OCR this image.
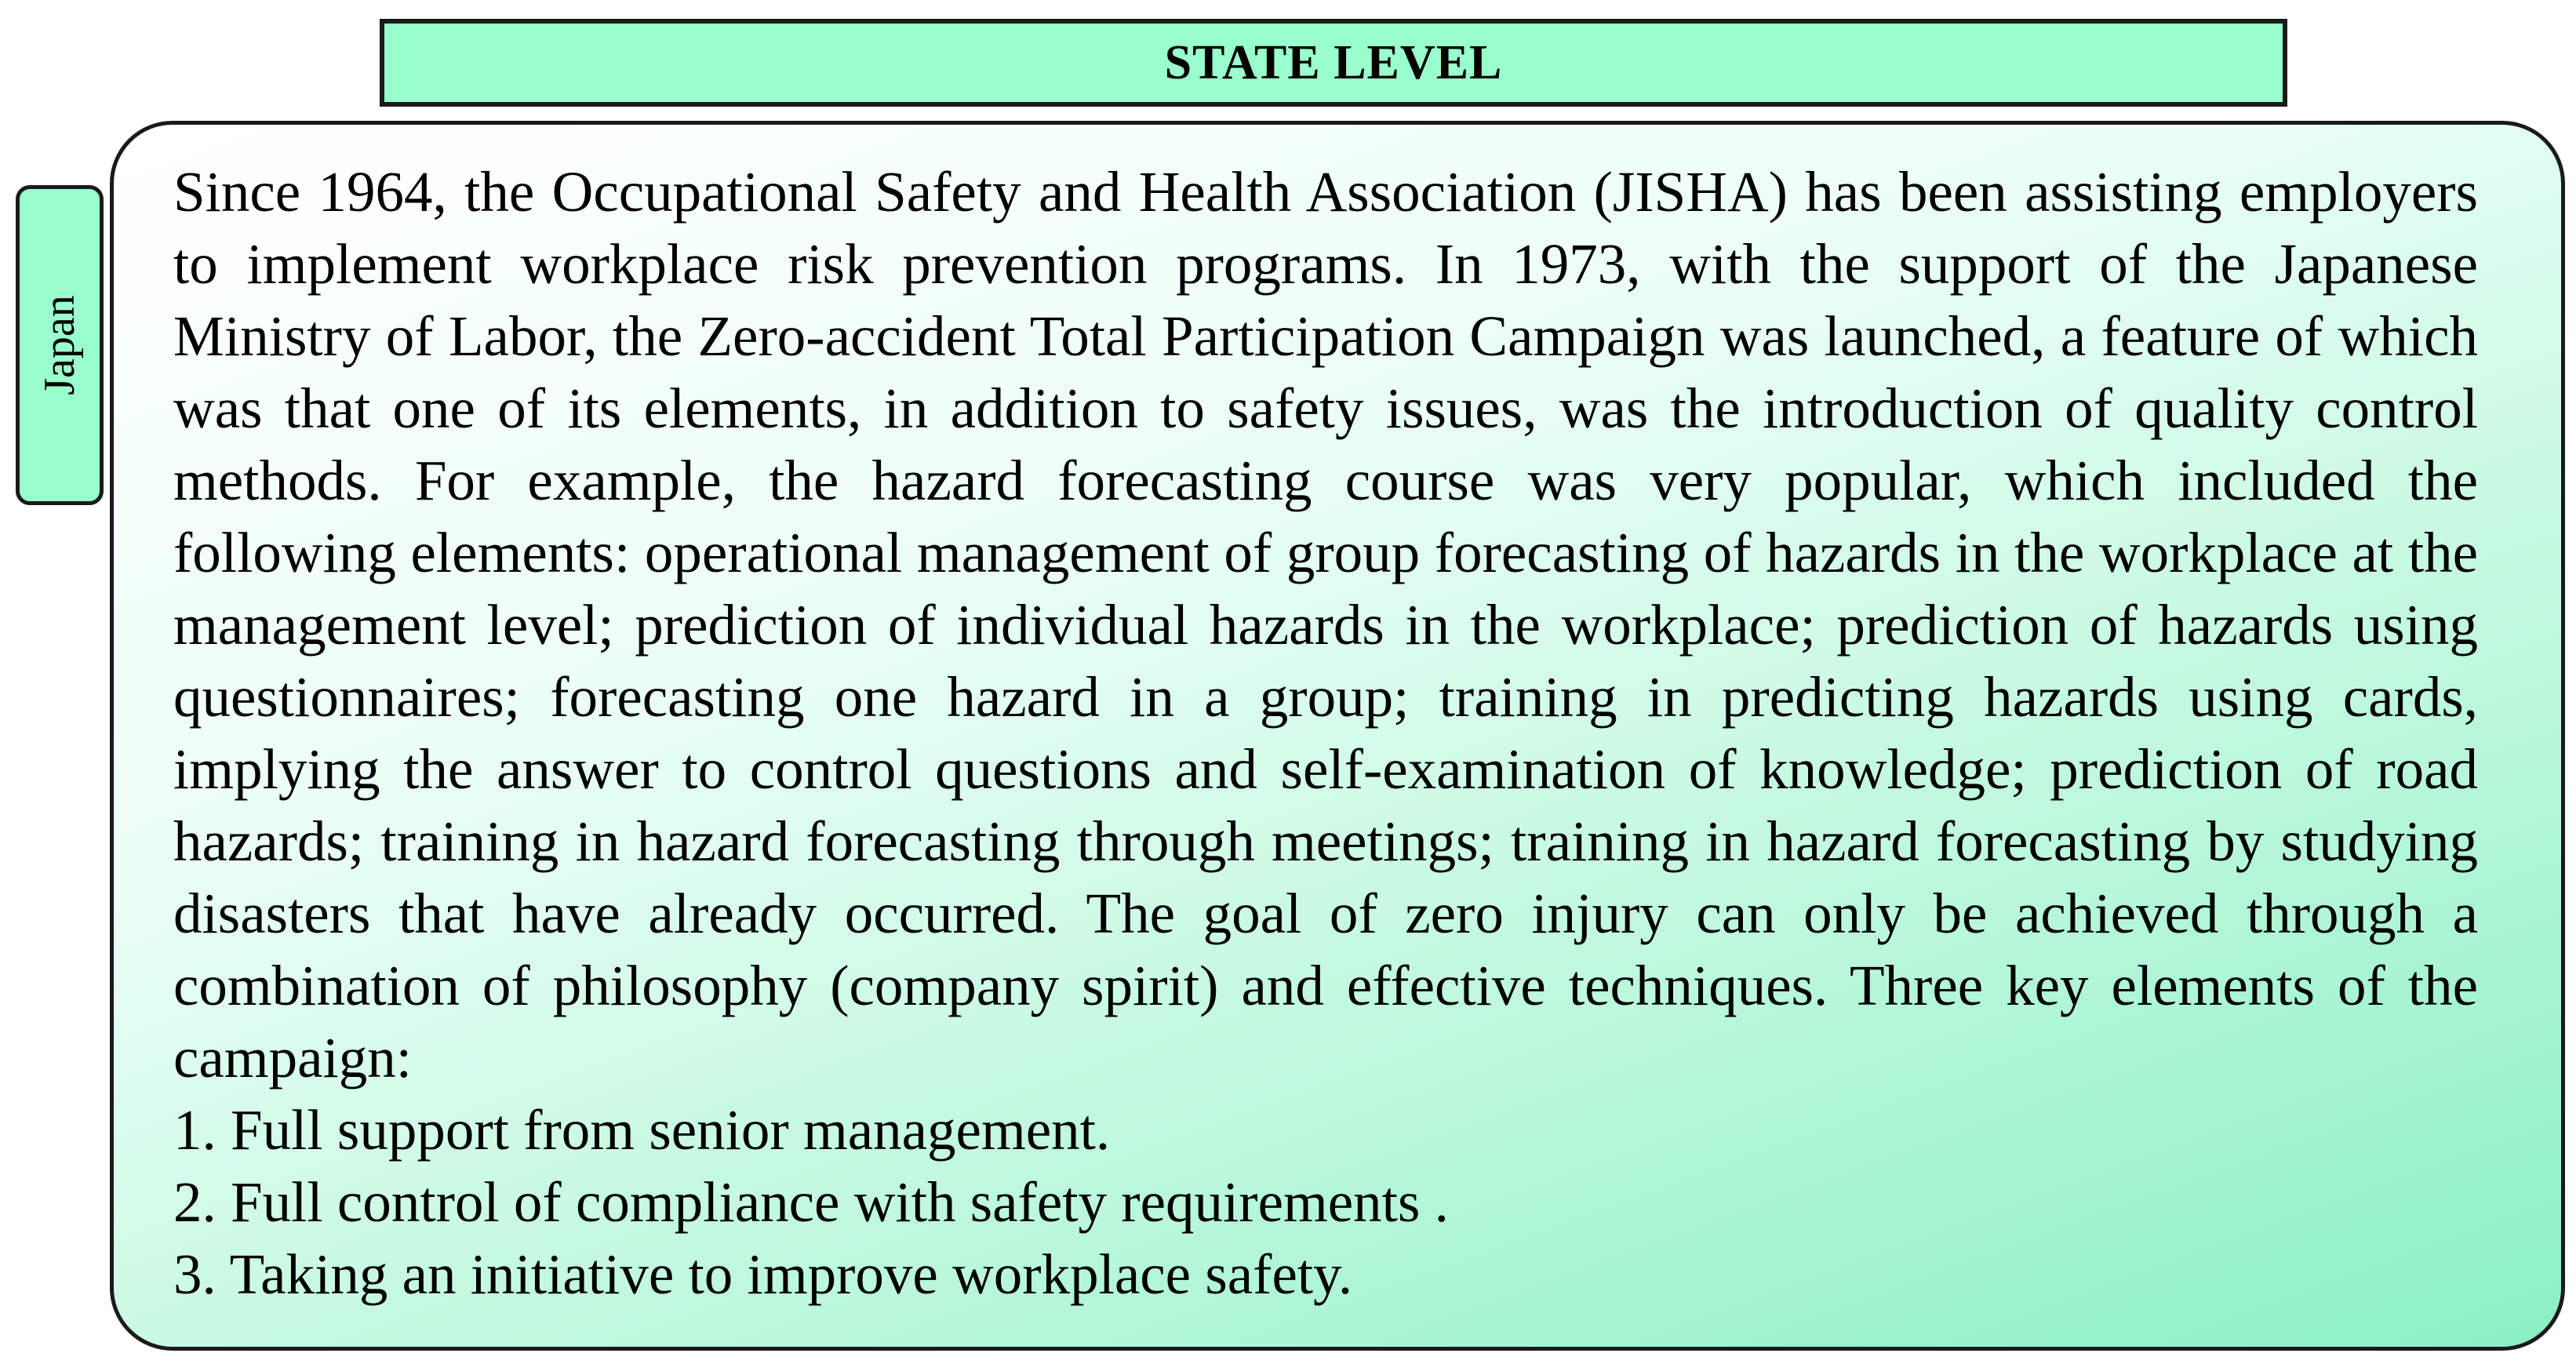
STATE LEVEL
Japan

Since 1964, the Occupational Safety and Health Association (JISHA) has been assisting employers to implement workplace risk prevention programs. In 1973, with the support of the Japanese Ministry of Labor, the Zero-accident Total Participation Campaign was launched, a feature of which was that one of its elements, in addition to safety issues, was the introduction of quality control methods. For example, the hazard forecasting course was very popular, which included the following elements: operational management of group forecasting of hazards in the workplace at the management level; prediction of individual hazards in the workplace; prediction of hazards using questionnaires; forecasting one hazard in a group; training in predicting hazards using cards, implying the answer to control questions and self-examination of knowledge; prediction of road hazards; training in hazard forecasting through meetings; training in hazard forecasting by studying disasters that have already occurred. The goal of zero injury can only be achieved through a combination of philosophy (company spirit) and effective techniques. Three key elements of the campaign:

1. Full support from senior management.
2. Full control of compliance with safety requirements .
3. Taking an initiative to improve workplace safety.
